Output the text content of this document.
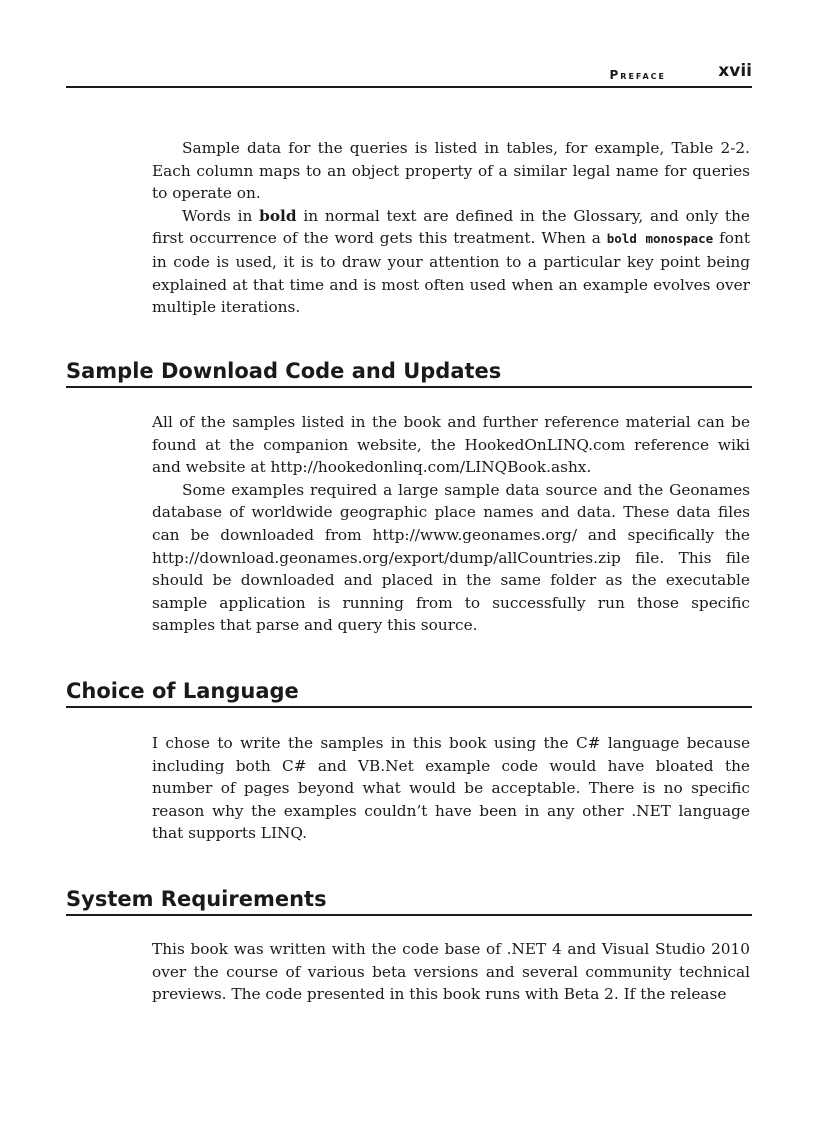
Preface	xvii

Sample data for the queries is listed in tables, for example, Table 2-2. Each column maps to an object property of a similar legal name for queries to operate on.

Words in bold in normal text are defined in the Glossary, and only the first occurrence of the word gets this treatment. When a bold monospace font in code is used, it is to draw your attention to a particular key point being explained at that time and is most often used when an example evolves over multiple iterations.

Sample Download Code and Updates

All of the samples listed in the book and further reference material can be found at the companion website, the HookedOnLINQ.com reference wiki and website at http://hookedonlinq.com/LINQBook.ashx.

Some examples required a large sample data source and the Geonames database of worldwide geographic place names and data. These data files can be downloaded from http://www.geonames.org/ and specifically the http://download.geonames.org/export/dump/allCountries.zip file. This file should be downloaded and placed in the same folder as the executable sample application is running from to successfully run those specific samples that parse and query this source.

Choice of Language

I chose to write the samples in this book using the C# language because including both C# and VB.Net example code would have bloated the number of pages beyond what would be acceptable. There is no specific reason why the examples couldn’t have been in any other .NET language that supports LINQ.

System Requirements

This book was written with the code base of .NET 4 and Visual Studio 2010 over the course of various beta versions and several community technical previews. The code presented in this book runs with Beta 2. If the release
